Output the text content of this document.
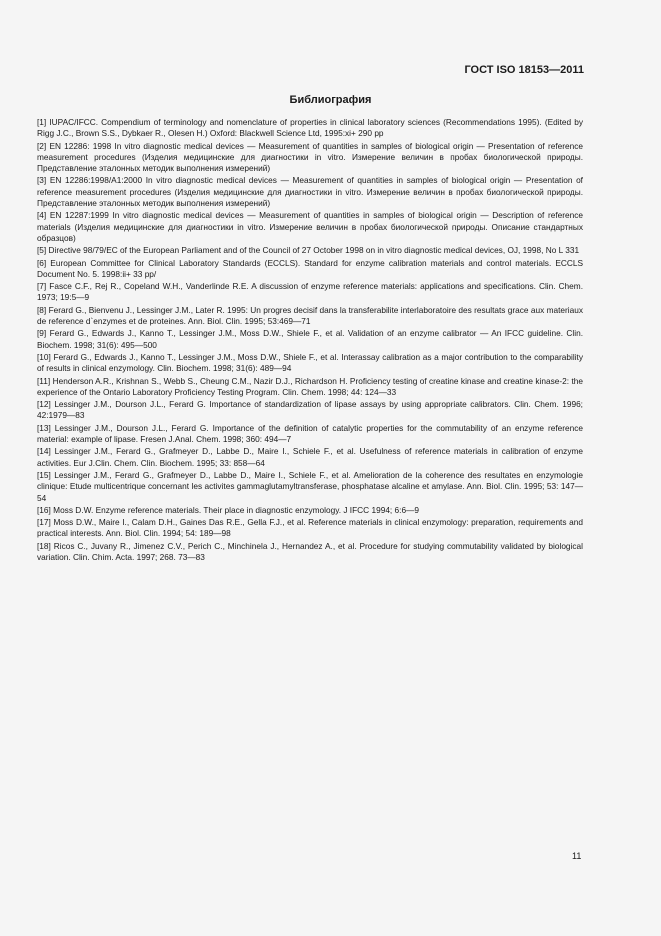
ГОСТ ISO 18153—2011
Библиография

[1] IUPAC/IFCC. Compendium of terminology and nomenclature of properties in clinical laboratory sciences (Recommendations 1995). (Edited by Rigg J.C., Brown S.S., Dybkaer R., Olesen H.) Oxford: Blackwell Science Ltd, 1995:xi+ 290 pp

[2] EN 12286: 1998 In vitro diagnostic medical devices — Measurement of quantities in samples of biological origin — Presentation of reference measurement procedures (Изделия медицинские для диагностики in vitro. Измерение величин в пробах биологической природы. Представление эталонных методик выполнения измерений)

[3] EN 12286:1998/A1:2000 In vitro diagnostic medical devices — Measurement of quantities in samples of biological origin — Presentation of reference measurement procedures (Изделия медицинские для диагностики in vitro. Измерение величин в пробах биологической природы. Представление эталонных методик выполнения измерений)

[4] EN 12287:1999 In vitro diagnostic medical devices — Measurement of quantities in samples of biological origin — Description of reference materials (Изделия медицинские для диагностики in vitro. Измерение величин в пробах биологической природы. Описание стандартных образцов)

[5] Directive 98/79/EC of the European Parliament and of the Council of 27 October 1998 on in vitro diagnostic medical devices, OJ, 1998, No L 331

[6] European Committee for Clinical Laboratory Standards (ECCLS). Standard for enzyme calibration materials and control materials. ECCLS Document No. 5. 1998:ii+ 33 pp/

[7] Fasce C.F., Rej R., Copeland W.H., Vanderlinde R.E. A discussion of enzyme reference materials: applications and specifications. Clin. Chem. 1973; 19:5—9

[8] Ferard G., Bienvenu J., Lessinger J.M., Later R. 1995: Un progres decisif dans la transferabilite interlaboratoire des resultats grace aux materiaux de reference d`enzymes et de proteines. Ann. Biol. Clin. 1995; 53:469—71

[9] Ferard G., Edwards J., Kanno T., Lessinger J.M., Moss D.W., Shiele F., et al. Validation of an enzyme calibrator — An IFCC guideline. Clin. Biochem. 1998; 31(6): 495—500

[10] Ferard G., Edwards J., Kanno T., Lessinger J.M., Moss D.W., Shiele F., et al. Interassay calibration as a major contribution to the comparability of results in clinical enzymology. Clin. Biochem. 1998; 31(6): 489—94

[11] Henderson A.R., Krishnan S., Webb S., Cheung C.M., Nazir D.J., Richardson H. Proficiency testing of creatine kinase and creatine kinase-2: the experience of the Ontario Laboratory Proficiency Testing Program. Clin. Chem. 1998; 44: 124—33

[12] Lessinger J.M., Dourson J.L., Ferard G. Importance of standardization of lipase assays by using appropriate calibrators. Clin. Chem. 1996; 42:1979—83

[13] Lessinger J.M., Dourson J.L., Ferard G. Importance of the definition of catalytic properties for the commutability of an enzyme reference material: example of lipase. Fresen J.Anal. Chem. 1998; 360: 494—7

[14] Lessinger J.M., Ferard G., Grafmeyer D., Labbe D., Maire I., Schiele F., et al. Usefulness of reference materials in calibration of enzyme activities. Eur J.Clin. Chem. Clin. Biochem. 1995; 33: 858—64

[15] Lessinger J.M., Ferard G., Grafmeyer D., Labbe D., Maire I., Schiele F., et al. Amelioration de la coherence des resultates en enzymologie clinique: Etude multicentrique concernant les activites gammaglutamyltransferase, phosphatase alcaline et amylase. Ann. Biol. Clin. 1995; 53: 147—54

[16] Moss D.W. Enzyme reference materials. Their place in diagnostic enzymology. J IFCC 1994; 6:6—9

[17] Moss D.W., Maire I., Calam D.H., Gaines Das R.E., Gella F.J., et al. Reference materials in clinical enzymology: preparation, requirements and practical interests. Ann. Biol. Clin. 1994; 54: 189—98

[18] Ricos C., Juvany R., Jimenez C.V., Perich C., Minchinela J., Hernandez A., et al. Procedure for studying commutability validated by biological variation. Clin. Chim. Acta. 1997; 268. 73—83

11
